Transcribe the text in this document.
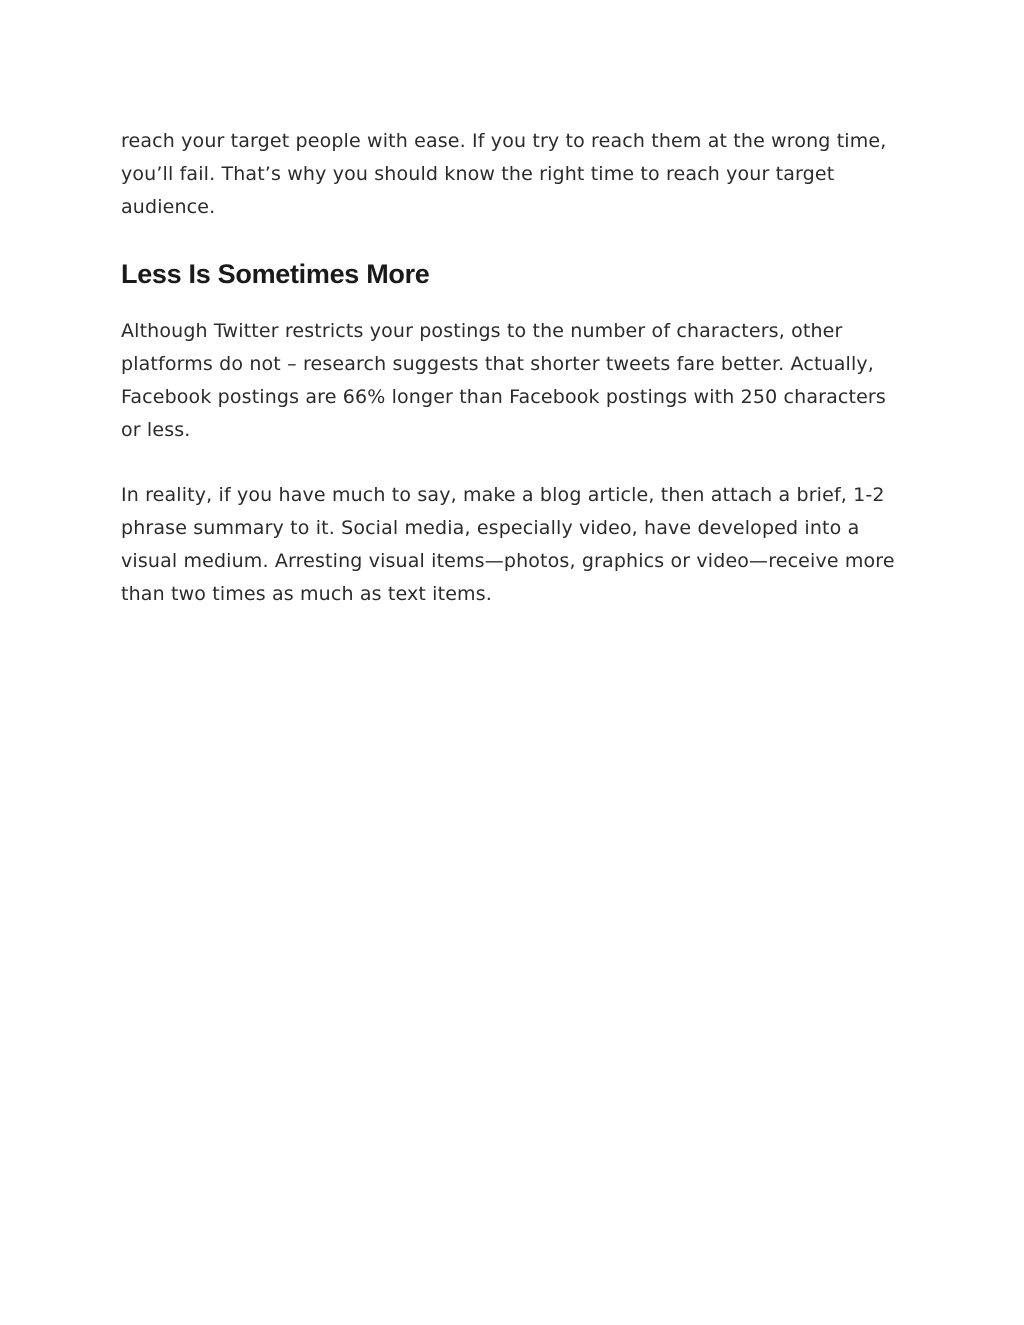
reach your target people with ease. If you try to reach them at the wrong time,
you’ll fail. That’s why you should know the right time to reach your target
audience.

Less Is Sometimes More

Although Twitter restricts your postings to the number of characters, other
platforms do not – research suggests that shorter tweets fare better. Actually,
Facebook postings are 66% longer than Facebook postings with 250 characters
or less.

In reality, if you have much to say, make a blog article, then attach a brief, 1-2
phrase summary to it. Social media, especially video, have developed into a
visual medium. Arresting visual items—photos, graphics or video—receive more
than two times as much as text items.
